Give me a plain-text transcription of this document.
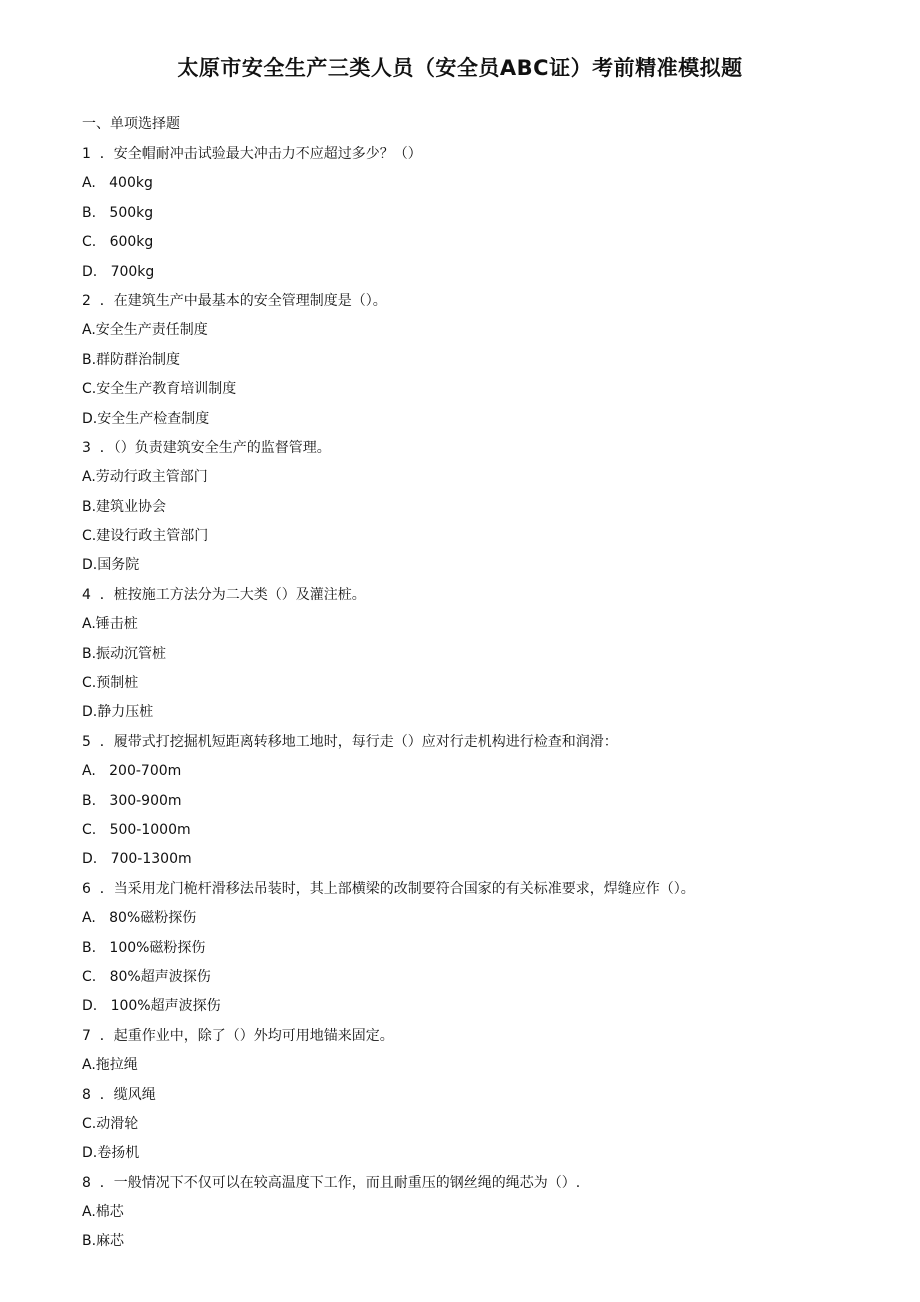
太原市安全生产三类人员（安全员ABC证）考前精准模拟题
一、单项选择题
1  ．安全帽耐冲击试验最大冲击力不应超过多少？（）
A.   400kg
B.   500kg
C.   600kg
D.   700kg
2  ．在建筑生产中最基本的安全管理制度是（）。
A.安全生产责任制度
B.群防群治制度
C.安全生产教育培训制度
D.安全生产检查制度
3  ．（）负责建筑安全生产的监督管理。
A.劳动行政主管部门
B.建筑业协会
C.建设行政主管部门
D.国务院
4  ．桩按施工方法分为二大类（）及灌注桩。
A.锤击桩
B.振动沉管桩
C.预制桩
D.静力压桩
5  ．履带式打挖掘机短距离转移地工地时，每行走（）应对行走机构进行检查和润滑：
A.   200-700m
B.   300-900m
C.   500-1000m
D.   700-1300m
6  ．当采用龙门桅杆滑移法吊装时，其上部横梁的改制要符合国家的有关标准要求，焊缝应作（）。
A.   80%磁粉探伤
B.   100%磁粉探伤
C.   80%超声波探伤
D.   100%超声波探伤
7  ．起重作业中，除了（）外均可用地锚来固定。
A.拖拉绳
8  ．缆风绳
C.动滑轮
D.卷扬机
8  ．一般情况下不仅可以在较高温度下工作，而且耐重压的钢丝绳的绳芯为（）.
A.棉芯
B.麻芯
